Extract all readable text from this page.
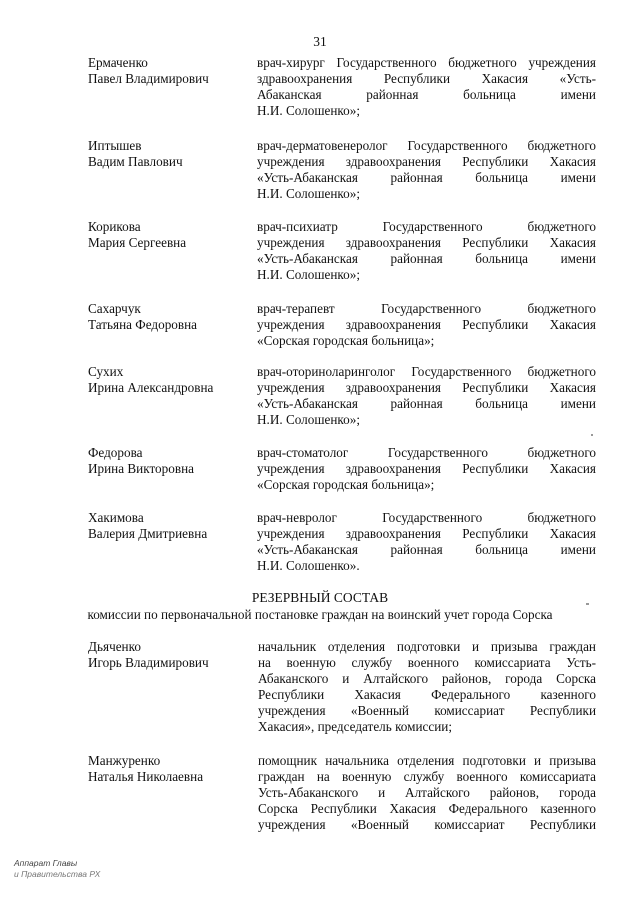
31
Ермаченко
Павел Владимирович
врач-хирург Государственного бюджетного учреждения
здравоохранения Республики Хакасия «Усть-
Абаканская районная больница имени
Н.И. Солошенко»;
Иптышев
Вадим Павлович
врач-дерматовенеролог Государственного бюджетного
учреждения здравоохранения Республики Хакасия
«Усть-Абаканская районная больница имени
Н.И. Солошенко»;
Корикова
Мария Сергеевна
врач-психиатр Государственного бюджетного
учреждения здравоохранения Республики Хакасия
«Усть-Абаканская районная больница имени
Н.И. Солошенко»;
Сахарчук
Татьяна Федоровна
врач-терапевт Государственного бюджетного
учреждения здравоохранения Республики Хакасия
«Сорская городская больница»;
Сухих
Ирина Александровна
врач-оториноларинголог Государственного бюджетного
учреждения здравоохранения Республики Хакасия
«Усть-Абаканская районная больница имени
Н.И. Солошенко»;
Федорова
Ирина Викторовна
врач-стоматолог Государственного бюджетного
учреждения здравоохранения Республики Хакасия
«Сорская городская больница»;
Хакимова
Валерия Дмитриевна
врач-невролог Государственного бюджетного
учреждения здравоохранения Республики Хакасия
«Усть-Абаканская районная больница имени
Н.И. Солошенко».
РЕЗЕРВНЫЙ СОСТАВ
комиссии по первоначальной постановке граждан на воинский учет города Сорска
Дьяченко
Игорь Владимирович
начальник отделения подготовки и призыва граждан
на военную службу военного комиссариата Усть-
Абаканского и Алтайского районов, города Сорска
Республики Хакасия Федерального казенного
учреждения «Военный комиссариат Республики
Хакасия», председатель комиссии;
Манжуренко
Наталья Николаевна
помощник начальника отделения подготовки и призыва
граждан на военную службу военного комиссариата
Усть-Абаканского и Алтайского районов, города
Сорска Республики Хакасия Федерального казенного
учреждения «Военный комиссариат Республики
Аппарат Главы
и Правительства РХ
